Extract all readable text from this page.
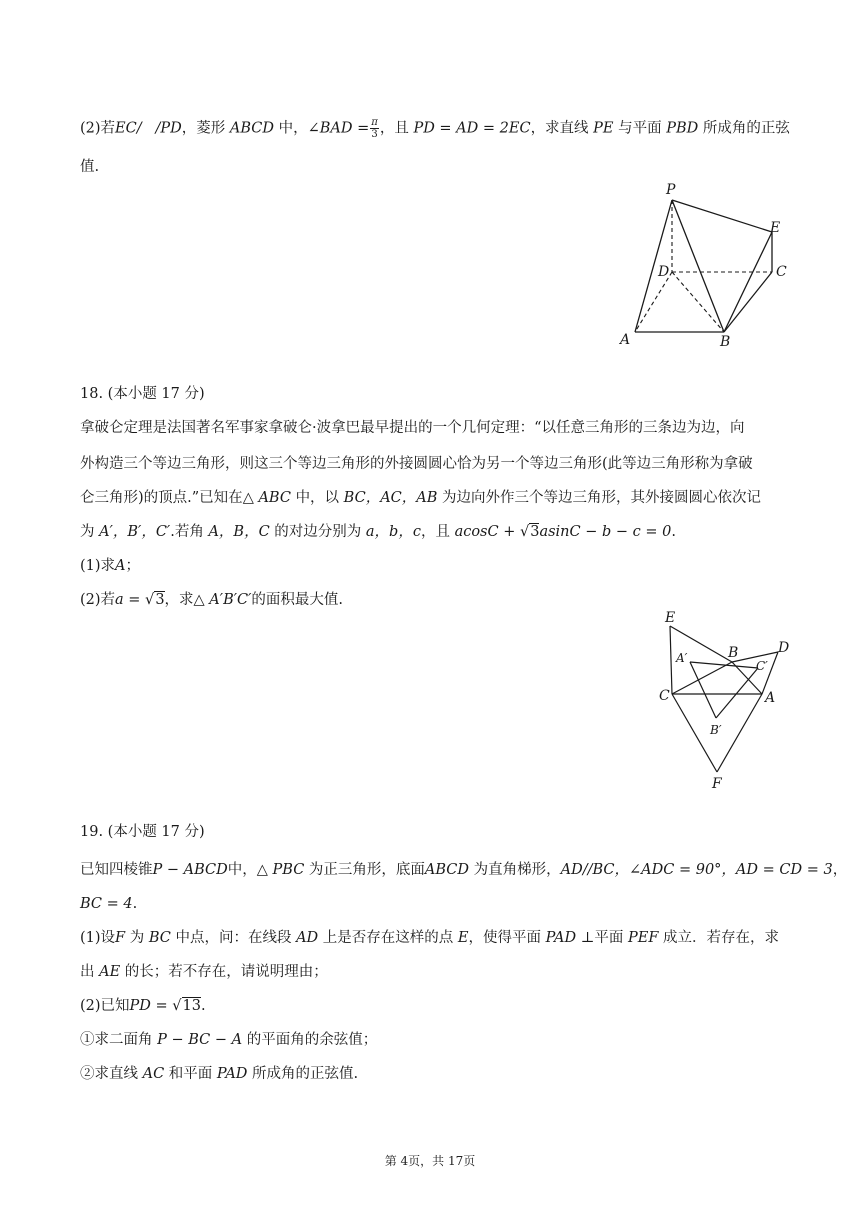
(2)若EC/ /PD，菱形 ABCD 中，∠BAD = $\frac{\pi}{3}$ ，且 PD = AD = 2EC，求直线 PE 与平面 PBD 所成角的正弦
值.
P
E
D	C
A	B
18. (本小题 17 分)
拿破仑定理是法国著名军事家拿破仑·波拿巴最早提出的一个几何定理：“以任意三角形的三条边为边，向
外构造三个等边三角形，则这三个等边三角形的外接圆圆心恰为另一个等边三角形(此等边三角形称为拿破
仑三角形)的顶点.”已知在△ ABC 中，以 BC，AC，AB 为边向外作三个等边三角形，其外接圆圆心依次记
为 A′，B′，C′.若角 A，B，C 的对边分别为 a，b，c，且 acosC + √3asinC − b − c = 0.
(1)求A；
(2)若a = √3，求△ A′B′C′的面积最大值.
E
D
B
A′
C′
C	A
B′
F
19. (本小题 17 分)
已知四棱锥P − ABCD中，△ PBC 为正三角形，底面ABCD 为直角梯形，AD//BC，∠ADC = 90°，AD = CD = 3，
BC = 4.
(1)设F 为 BC 中点，问：在线段 AD 上是否存在这样的点 E，使得平面 PAD ⊥平面 PEF 成立．若存在，求
出 AE 的长；若不存在，请说明理由；
(2)已知PD = √13.
①求二面角 P − BC − A 的平面角的余弦值；
②求直线 AC 和平面 PAD 所成角的正弦值.
第 4页，共 17页
